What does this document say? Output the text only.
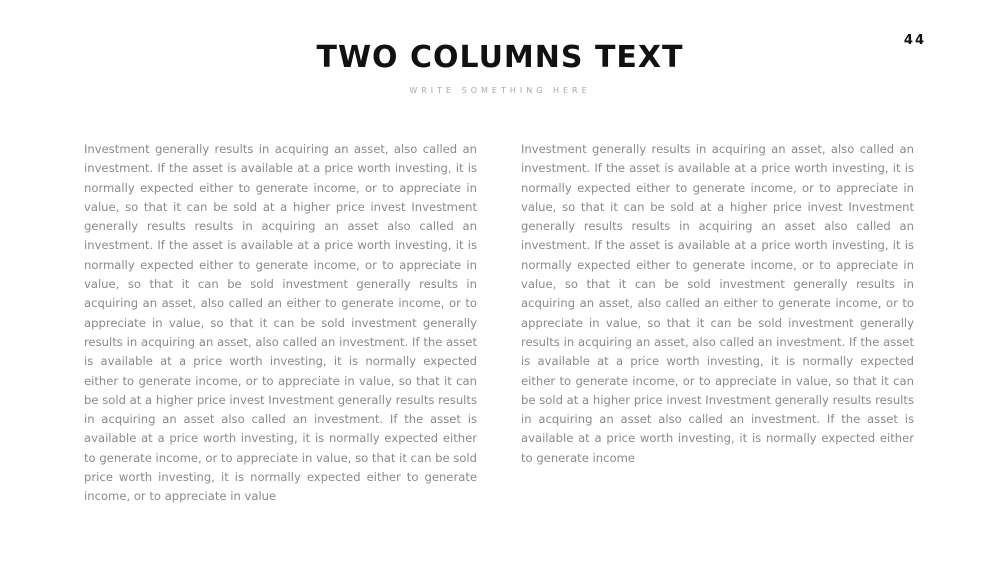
44
TWO COLUMNS TEXT
WRITE SOMETHING HERE

Investment generally results in acquiring an asset, also called an investment. If the asset is available at a price worth investing, it is normally expected either to generate income, or to appreciate in value, so that it can be sold at a higher price invest Investment generally results results in acquiring an asset also called an investment. If the asset is available at a price worth investing, it is normally expected either to generate income, or to appreciate in value, so that it can be sold investment generally results in acquiring an asset, also called an either to generate income, or to appreciate in value, so that it can be sold investment generally results in acquiring an asset, also called an investment. If the asset is available at a price worth investing, it is normally expected either to generate income, or to appreciate in value, so that it can be sold at a higher price invest Investment generally results results in acquiring an asset also called an investment. If the asset is available at a price worth investing, it is normally expected either to generate income, or to appreciate in value, so that it can be sold price worth investing, it is normally expected either to generate income, or to appreciate in value

Investment generally results in acquiring an asset, also called an investment. If the asset is available at a price worth investing, it is normally expected either to generate income, or to appreciate in value, so that it can be sold at a higher price invest Investment generally results results in acquiring an asset also called an investment. If the asset is available at a price worth investing, it is normally expected either to generate income, or to appreciate in value, so that it can be sold investment generally results in acquiring an asset, also called an either to generate income, or to appreciate in value, so that it can be sold investment generally results in acquiring an asset, also called an investment. If the asset is available at a price worth investing, it is normally expected either to generate income, or to appreciate in value, so that it can be sold at a higher price invest Investment generally results results in acquiring an asset also called an investment. If the asset is available at a price worth investing, it is normally expected either to generate income
